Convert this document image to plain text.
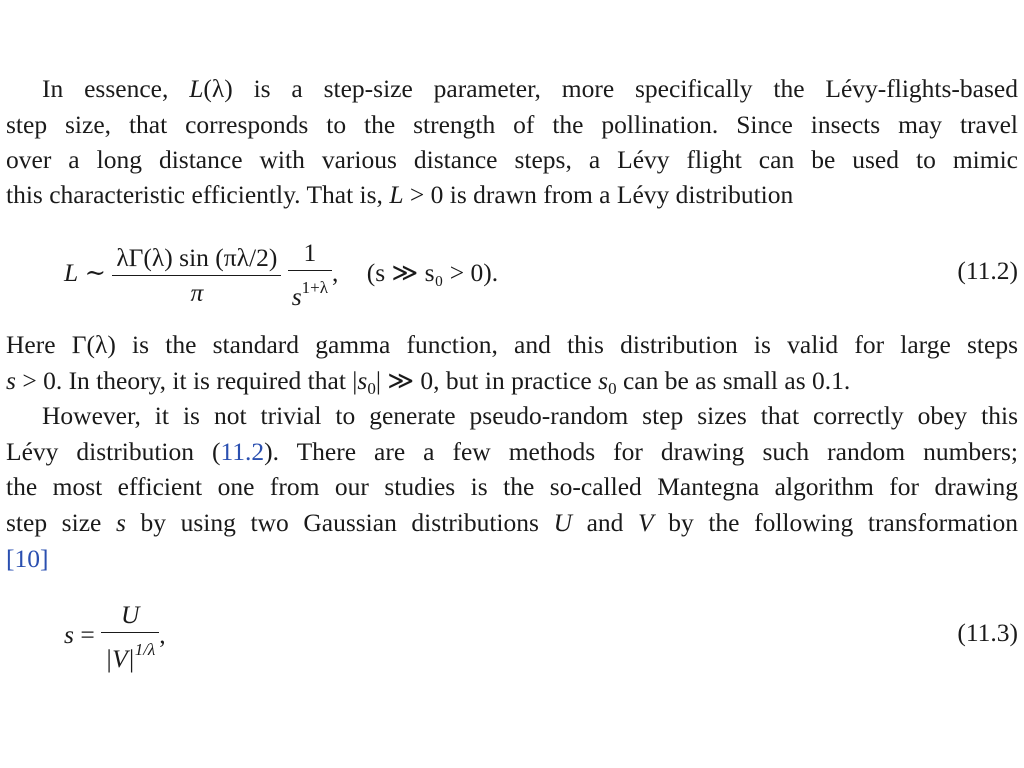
In essence, L(λ) is a step-size parameter, more specifically the Lévy-flights-based
step size, that corresponds to the strength of the pollination. Since insects may travel
over a long distance with various distance steps, a Lévy flight can be used to mimic
this characteristic efficiently. That is, L > 0 is drawn from a Lévy distribution
L ∼ $\frac{\lambda\Gamma(\lambda) \sin (\pi\lambda/2)}{\pi}$
$\frac{1}{s^{1+\lambda}}$ , (s ≫ s₀ > 0).	(11.2)
Here Γ(λ) is the standard gamma function, and this distribution is valid for large steps
s > 0. In theory, it is required that $|s_0|$ ≫ 0, but in practice $s_0$ can be as small as 0.1.
However, it is not trivial to generate pseudo-random step sizes that correctly obey this
Lévy distribution (11.2). There are a few methods for drawing such random numbers;
the most efficient one from our studies is the so-called Mantegna algorithm for drawing
step size s by using two Gaussian distributions U and V by the following transformation
[10]
$s = \frac{U}{|V|^{1/\lambda}}$ ,	(11.3)
